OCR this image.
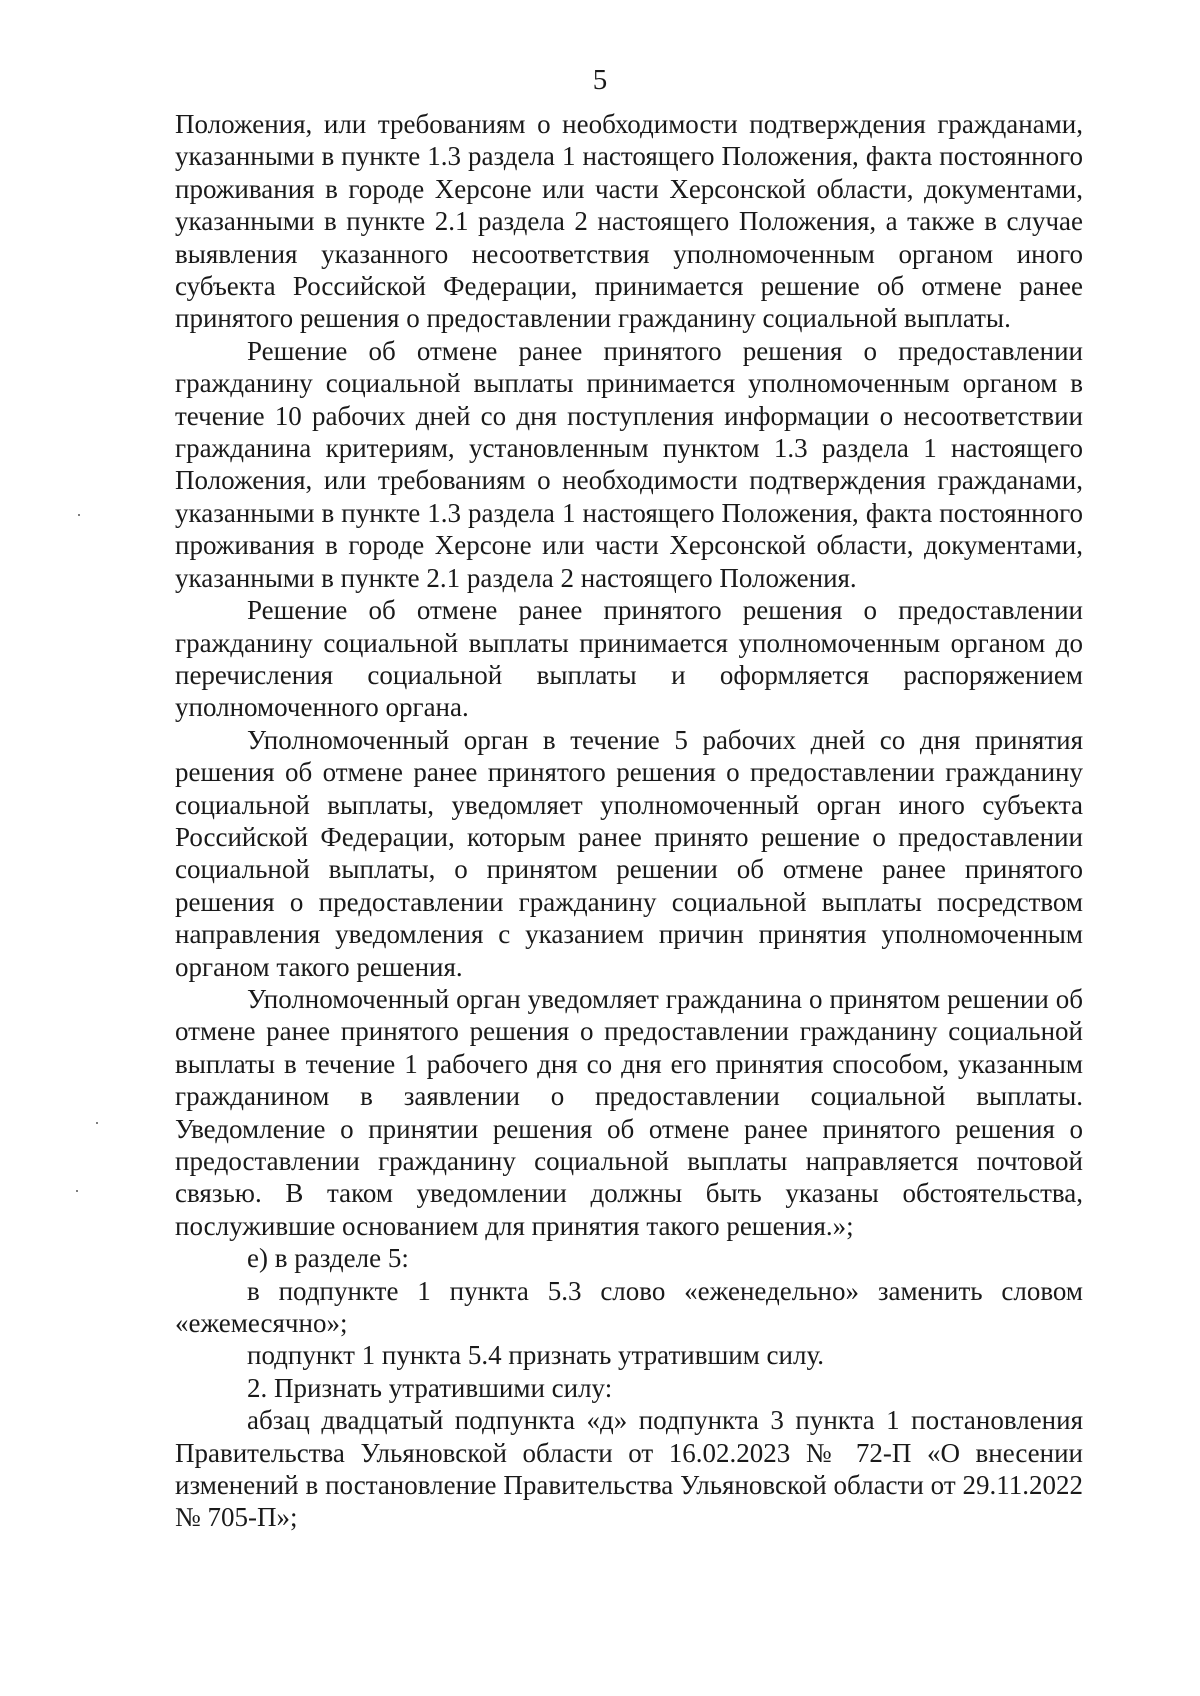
5

Положения, или требованиям о необходимости подтверждения гражданами, указанными в пункте 1.3 раздела 1 настоящего Положения, факта постоянного проживания в городе Херсоне или части Херсонской области, документами, указанными в пункте 2.1 раздела 2 настоящего Положения, а также в случае выявления указанного несоответствия уполномоченным органом иного субъекта Российской Федерации, принимается решение об отмене ранее принятого решения о предоставлении гражданину социальной выплаты.

Решение об отмене ранее принятого решения о предоставлении гражданину социальной выплаты принимается уполномоченным органом в течение 10 рабочих дней со дня поступления информации о несоответствии гражданина критериям, установленным пунктом 1.3 раздела 1 настоящего Положения, или требованиям о необходимости подтверждения гражданами, указанными в пункте 1.3 раздела 1 настоящего Положения, факта постоянного проживания в городе Херсоне или части Херсонской области, документами, указанными в пункте 2.1 раздела 2 настоящего Положения.

Решение об отмене ранее принятого решения о предоставлении гражданину социальной выплаты принимается уполномоченным органом до перечисления социальной выплаты и оформляется распоряжением уполномоченного органа.

Уполномоченный орган в течение 5 рабочих дней со дня принятия решения об отмене ранее принятого решения о предоставлении гражданину социальной выплаты, уведомляет уполномоченный орган иного субъекта Российской Федерации, которым ранее принято решение о предоставлении социальной выплаты, о принятом решении об отмене ранее принятого решения о предоставлении гражданину социальной выплаты посредством направления уведомления с указанием причин принятия уполномоченным органом такого решения.

Уполномоченный орган уведомляет гражданина о принятом решении об отмене ранее принятого решения о предоставлении гражданину социальной выплаты в течение 1 рабочего дня со дня его принятия способом, указанным гражданином в заявлении о предоставлении социальной выплаты. Уведомление о принятии решения об отмене ранее принятого решения о предоставлении гражданину социальной выплаты направляется почтовой связью. В таком уведомлении должны быть указаны обстоятельства, послужившие основанием для принятия такого решения.»;

е) в разделе 5:

в подпункте 1 пункта 5.3 слово «еженедельно» заменить словом «ежемесячно»;

подпункт 1 пункта 5.4 признать утратившим силу.

2. Признать утратившими силу:

абзац двадцатый подпункта «д» подпункта 3 пункта 1 постановления Правительства Ульяновской области от 16.02.2023 № 72-П «О внесении изменений в постановление Правительства Ульяновской области от 29.11.2022 № 705-П»;
